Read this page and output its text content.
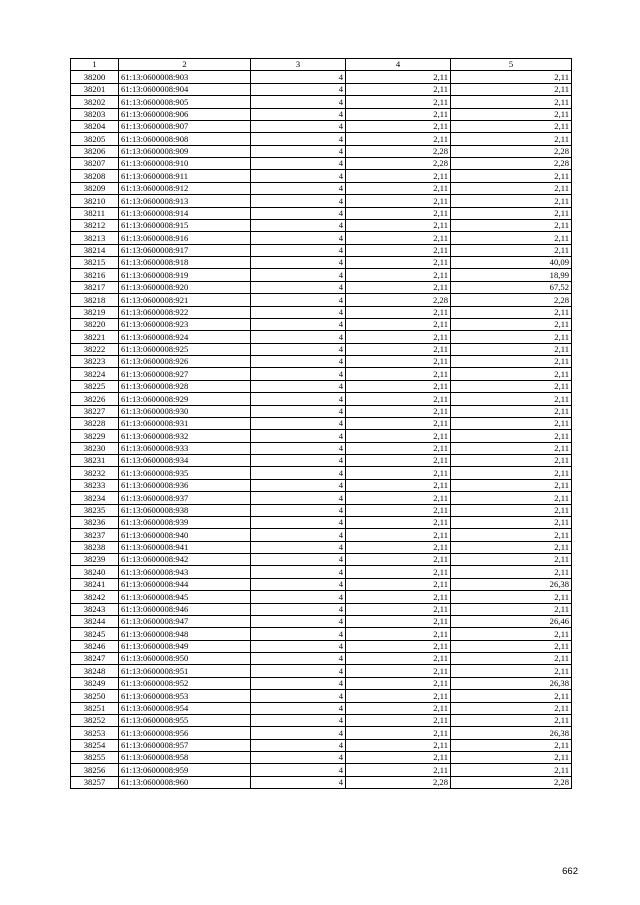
1	2	3	4	5
38200	61:13:0600008:903	4	2,11	2,11
38201	61:13:0600008:904	4	2,11	2,11
38202	61:13:0600008:905	4	2,11	2,11
38203	61:13:0600008:906	4	2,11	2,11
38204	61:13:0600008:907	4	2,11	2,11
38205	61:13:0600008:908	4	2,11	2,11
38206	61:13:0600008:909	4	2,28	2,28
38207	61:13:0600008:910	4	2,28	2,28
38208	61:13:0600008:911	4	2,11	2,11
38209	61:13:0600008:912	4	2,11	2,11
38210	61:13:0600008:913	4	2,11	2,11
38211	61:13:0600008:914	4	2,11	2,11
38212	61:13:0600008:915	4	2,11	2,11
38213	61:13:0600008:916	4	2,11	2,11
38214	61:13:0600008:917	4	2,11	2,11
38215	61:13:0600008:918	4	2,11	40,09
38216	61:13:0600008:919	4	2,11	18,99
38217	61:13:0600008:920	4	2,11	67,52
38218	61:13:0600008:921	4	2,28	2,28
38219	61:13:0600008:922	4	2,11	2,11
38220	61:13:0600008:923	4	2,11	2,11
38221	61:13:0600008:924	4	2,11	2,11
38222	61:13:0600008:925	4	2,11	2,11
38223	61:13:0600008:926	4	2,11	2,11
38224	61:13:0600008:927	4	2,11	2,11
38225	61:13:0600008:928	4	2,11	2,11
38226	61:13:0600008:929	4	2,11	2,11
38227	61:13:0600008:930	4	2,11	2,11
38228	61:13:0600008:931	4	2,11	2,11
38229	61:13:0600008:932	4	2,11	2,11
38230	61:13:0600008:933	4	2,11	2,11
38231	61:13:0600008:934	4	2,11	2,11
38232	61:13:0600008:935	4	2,11	2,11
38233	61:13:0600008:936	4	2,11	2,11
38234	61:13:0600008:937	4	2,11	2,11
38235	61:13:0600008:938	4	2,11	2,11
38236	61:13:0600008:939	4	2,11	2,11
38237	61:13:0600008:940	4	2,11	2,11
38238	61:13:0600008:941	4	2,11	2,11
38239	61:13:0600008:942	4	2,11	2,11
38240	61:13:0600008:943	4	2,11	2,11
38241	61:13:0600008:944	4	2,11	26,38
38242	61:13:0600008:945	4	2,11	2,11
38243	61:13:0600008:946	4	2,11	2,11
38244	61:13:0600008:947	4	2,11	26,46
38245	61:13:0600008:948	4	2,11	2,11
38246	61:13:0600008:949	4	2,11	2,11
38247	61:13:0600008:950	4	2,11	2,11
38248	61:13:0600008:951	4	2,11	2,11
38249	61:13:0600008:952	4	2,11	26,38
38250	61:13:0600008:953	4	2,11	2,11
38251	61:13:0600008:954	4	2,11	2,11
38252	61:13:0600008:955	4	2,11	2,11
38253	61:13:0600008:956	4	2,11	26,38
38254	61:13:0600008:957	4	2,11	2,11
38255	61:13:0600008:958	4	2,11	2,11
38256	61:13:0600008:959	4	2,11	2,11
38257	61:13:0600008:960	4	2,28	2,28
662
